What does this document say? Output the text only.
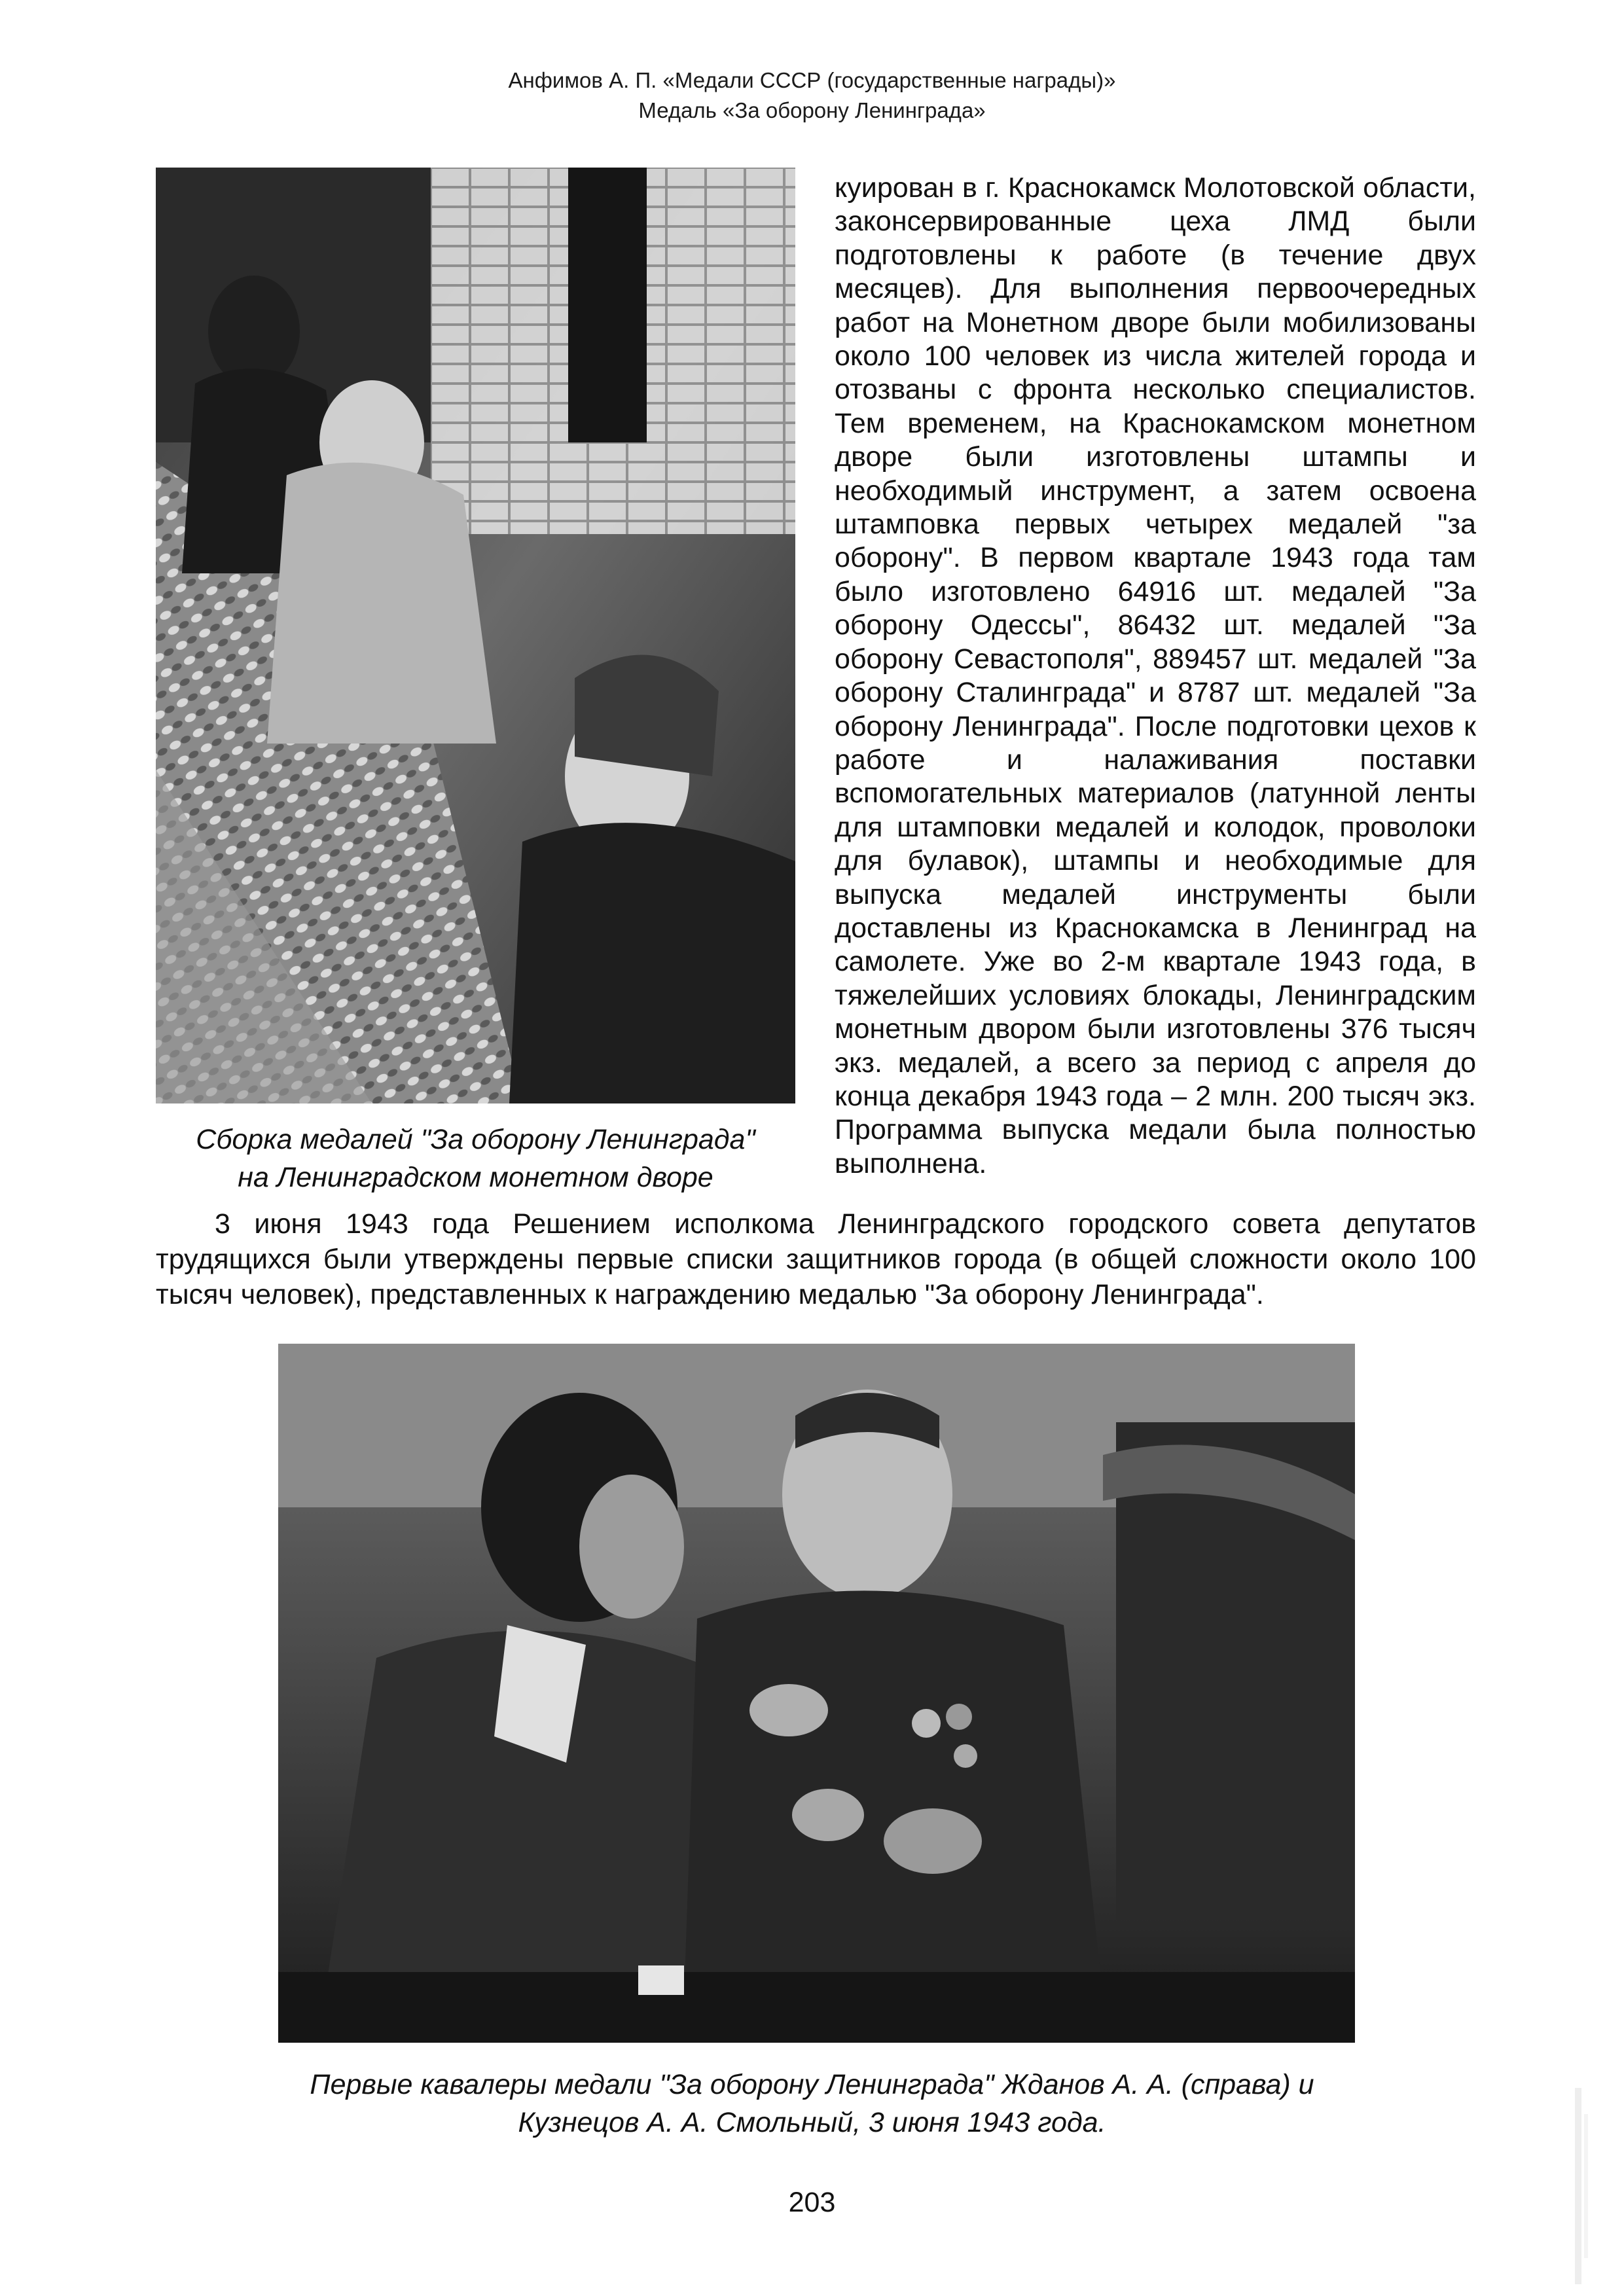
Анфимов А. П. «Медали СССР (государственные награды)»
Медаль «За оборону Ленинграда»
Сборка медалей "За оборону Ленинграда"
на Ленинградском монетном дворе

куирован в г. Краснокамск Молотовской области, законсервированные цеха ЛМД были подготовлены к работе (в течение двух месяцев). Для выполнения первоочередных работ на Монетном дворе были мобилизованы около 100 человек из числа жителей города и отозваны с фронта несколько специалистов. Тем временем, на Краснокамском монетном дворе были изготовлены штампы и необходимый инструмент, а затем освоена штамповка первых четырех медалей "за оборону". В первом квартале 1943 года там было изготовлено 64916 шт. медалей "За оборону Одессы", 86432 шт. медалей "За оборону Севастополя", 889457 шт. медалей "За оборону Сталинграда" и 8787 шт. медалей "За оборону Ленинграда". После подготовки цехов к работе и налаживания поставки вспомогательных материалов (латунной ленты для штамповки медалей и колодок, проволоки для булавок), штампы и необходимые для выпуска медалей инструменты были доставлены из Краснокамска в Ленинград на самолете. Уже во 2-м квартале 1943 года, в тяжелейших условиях блокады, Ленинградским монетным двором были изготовлены 376 тысяч экз. медалей, а всего за период с апреля до конца декабря 1943 года – 2 млн. 200 тысяч экз. Программа выпуска медали была полностью выполнена.

3 июня 1943 года Решением исполкома Ленинградского городского совета депутатов трудящихся были утверждены первые списки защитников города (в общей сложности около 100 тысяч человек), представленных к награждению медалью "За оборону Ленинграда".

Первые кавалеры медали "За оборону Ленинграда" Жданов А. А. (справа) и
Кузнецов А. А. Смольный, 3 июня 1943 года.
203
